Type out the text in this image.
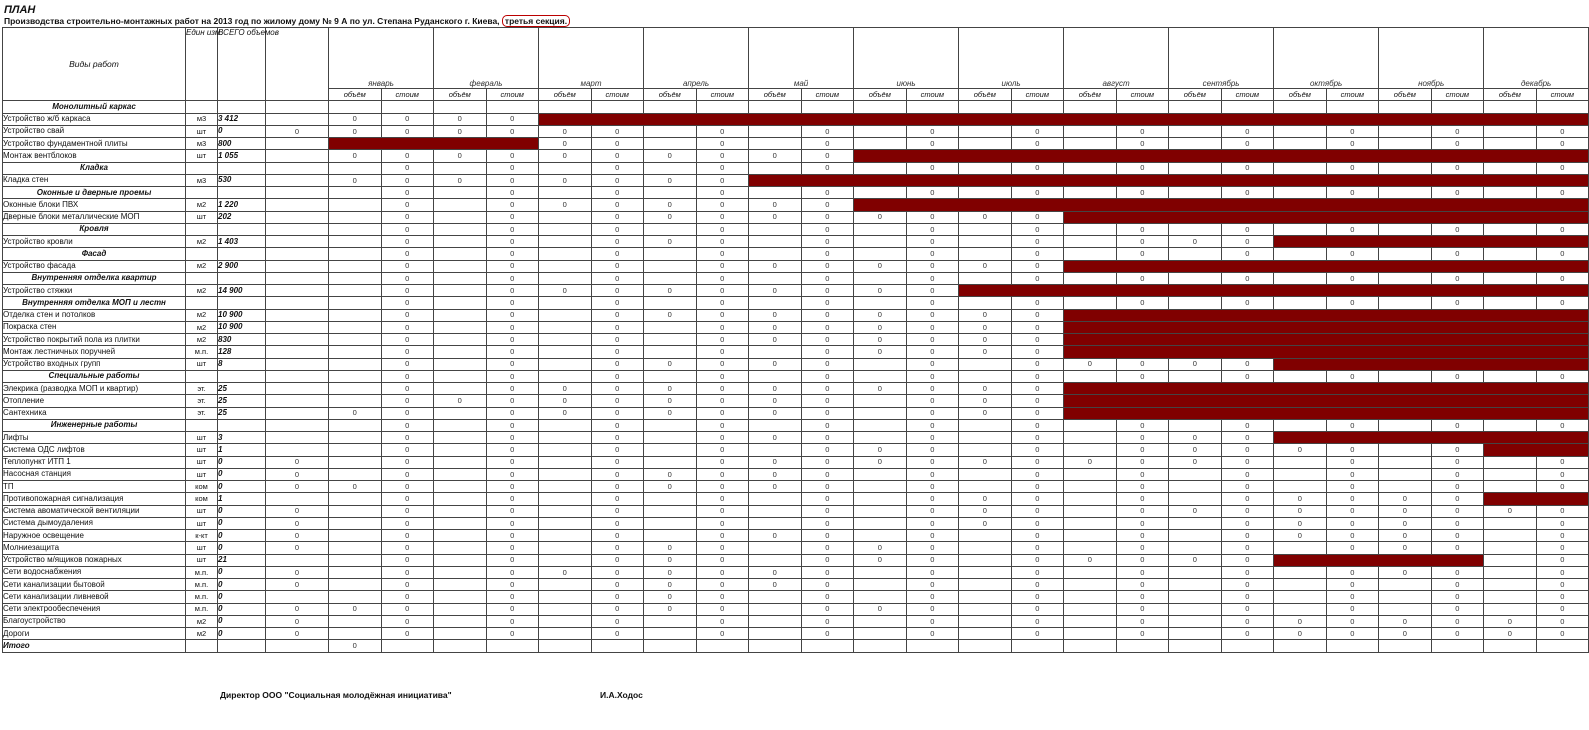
ПЛАН
Производства строительно-монтажных работ на 2013 год по жилому дому № 9 А по ул. Степана Руданского г. Киева, третья секция.
Виды работ	Един изм.	ВСЕГО объемов		январь		февраль		март		апрель		май		июнь		июль		август		сентябрь		октябрь		ноябрь		декабрь		
				объём	стоим	объём	стоим	объём	стоим	объём	стоим	объём	стоим	объём	стоим	объём	стоим	объём	стоим	объём	стоим	объём	стоим	объём	стоим	объём	стоим	
Монолитный каркас																													
Устройство ж/б каркаса	м3	3 412		0	0	0	0			
Устройство свай	шт	0	0	0	0	0	0	0	0		0		0		0		0		0		0		0		0		0		
Устройство фундаментной плиты	м3	800						0	0		0		0		0		0		0		0		0		0		0		
Монтаж вентблоков	шт	1 055		0	0	0	0	0	0	0	0	0	0															
Кладка					0		0		0		0		0		0		0		0		0		0		0		0		
Кладка стен	м3	530		0	0	0	0	0	0	0	0																	
Оконные и дверные проемы					0		0		0		0		0		0		0		0		0		0		0		0		
Оконные блоки ПВХ	м2	1 220			0		0	0	0	0	0	0	0															
Дверные блоки металлические МОП	шт	202			0		0		0	0	0	0	0	0	0	0	0											
Кровля					0		0		0		0		0		0		0		0		0		0		0		0		
Устройство кровли	м2	1 403			0		0		0	0	0		0		0		0		0	0	0							
Фасад					0		0		0		0		0		0		0		0		0		0		0		0		
Устройство фасада	м2	2 900			0		0		0		0	0	0	0	0	0	0											
Внутренняя отделка квартир					0		0		0		0		0		0		0		0		0		0		0		0		
Устройство стяжки	м2	14 900			0		0	0	0	0	0	0	0	0	0													
Внутренняя отделка МОП и лестн					0		0		0		0		0		0		0		0		0		0		0		0		
Отделка стен и потолков	м2	10 900			0		0		0	0	0	0	0	0	0	0	0											
Покраска стен	м2	10 900			0		0		0		0	0	0	0	0	0	0											
Устройство покрытий пола из плитки	м2	830			0		0		0		0	0	0	0	0	0	0											
Монтаж лестничных поручней	м.п.	128			0		0		0		0		0	0	0	0	0											
Устройство входных групп	шт	8			0		0		0	0	0	0	0		0		0	0	0	0	0							
Специальные работы					0		0		0		0		0		0		0		0		0		0		0		0		
Элекрика (разводка МОП и квартир)	эт.	25			0		0	0	0	0	0	0	0	0	0	0	0											
Отопление	эт.	25			0	0	0	0	0	0	0	0	0		0	0	0											
Сантехника	эт.	25		0	0		0	0	0	0	0	0	0		0	0	0											
Инженерные работы					0		0		0		0		0		0		0		0		0		0		0		0		
Лифты	шт	3			0		0		0		0	0	0		0		0		0	0	0							
Система ОДС лифтов	шт	1			0		0		0		0		0	0	0		0		0	0	0	0	0		0			
Теплопункт ИТП 1	шт	0	0		0		0		0		0	0	0	0	0	0	0	0	0	0	0		0		0		0		
Насосная станция	шт	0	0		0		0		0	0	0	0	0		0		0		0		0		0		0		0		
ТП	ком	0	0	0	0		0		0	0	0	0	0		0		0		0		0		0		0		0		
Противопожарная сигнализация	ком	1			0		0		0		0		0		0	0	0		0		0	0	0	0	0			
Система авоматической вентиляции	шт	0	0		0		0		0		0		0		0	0	0		0	0	0	0	0	0	0	0	0		
Система дымоудаления	шт	0	0		0		0		0		0		0		0	0	0		0		0	0	0	0	0		0		
Наружное освещение	к-кт	0	0		0		0		0		0	0	0		0		0		0		0	0	0	0	0		0		
Молниезащита	шт	0	0		0		0		0	0	0		0	0	0		0		0		0		0	0	0		0		
Устройство м/ящиков пожарных	шт	21			0		0		0	0	0		0	0	0		0	0	0	0	0						0		
Сети водоснабжения	м.п.	0	0		0		0	0	0	0	0	0	0		0		0		0		0		0	0	0		0		
Сети канализации бытовой	м.п.	0	0		0		0		0	0	0	0	0		0		0		0		0		0		0		0		
Сети канализации ливневой	м.п.	0			0		0		0	0	0		0		0		0		0		0		0		0		0		
Сети электрообеспечения	м.п.	0	0	0	0		0		0	0	0		0	0	0		0		0		0		0		0		0		
Благоустройство	м2	0	0		0		0		0		0		0		0		0		0		0	0	0	0	0	0	0		
Дороги	м2	0	0		0		0		0		0		0		0		0		0		0	0	0	0	0	0	0		
Итого				0																								
Директор ООО "Социальная молодёжная инициатива"	И.А.Ходос
